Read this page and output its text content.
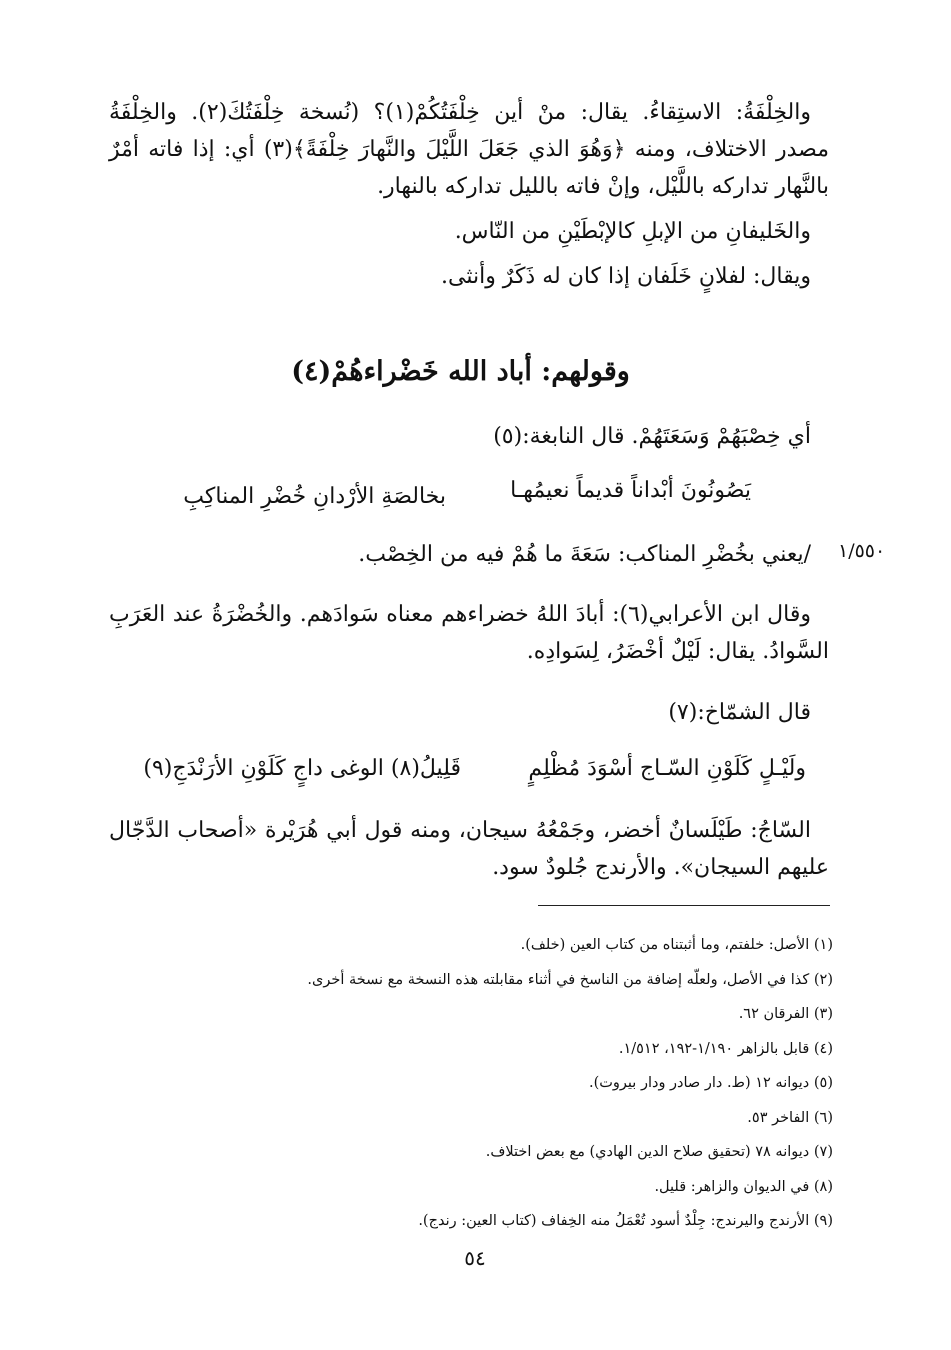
والخِلْفَةُ: الاستِقاءُ. يقال: منْ أين خِلْفَتُكُمْ(١)؟ (نُسخة خِلْفَتُكَ(٢). والخِلْفَةُ مصدر الاختلاف، ومنه ﴿وَهُوَ الذي جَعَلَ اللَّيْلَ والنَّهارَ خِلْفَةً﴾(٣) أي: إذا فاته أمْرٌ بالنَّهار تداركه باللَّيْل، وإنْ فاته بالليل تداركه بالنهار.

والخَليفانِ من الإبلِ كالإبْطَيْنِ من النّاس.

ويقال: لفلانٍ خَلَفان إذا كان له ذَكَرٌ وأنثى.

وقولهم: أباد الله خَضْراءهُمْ(٤)

أي خِصْبَهُمْ وَسَعَتَهُمْ. قال النابغة:(٥)

يَصُونُونَ أبْداناً قديماً نعيمُهـا
بخالصَةِ الأرْدانِ خُضْرِ المناكِبِ
١/٥٥٠

/يعني بخُضْرِ المناكب: سَعَةَ ما هُمْ فيه من الخِصْب.

وقال ابن الأعرابي(٦): أبادَ اللهُ خضراءهم معناه سَوادَهم. والخُضْرَةُ عند العَرَبِ السَّوادُ. يقال: لَيْلٌ أخْضَرُ، لِسَوادِه.

قال الشمّاخ:(٧)

ولَيْـلٍ كَلَوْنِ السّـاج أسْوَدَ مُظْلِمٍ
قَلِيلُ(٨) الوغى داجٍ كَلَوْنِ الأرَنْدَجِ(٩)

السّاجُ: طَيْلَسانٌ أخضر، وجَمْعُهُ سيجان، ومنه قول أبي هُرَيْرة «أصحاب الدَّجّال عليهم السيجان». والأرندج جُلودٌ سود.

(١) الأصل: خلفتم، وما أثبتناه من كتاب العين (خلف).

(٢) كذا في الأصل، ولعلّه إضافة من الناسخ في أثناء مقابلته هذه النسخة مع نسخة أخرى.

(٣) الفرقان ٦٢.

(٤) قابل بالزاهر ١/١٩٠-١٩٢، ١/٥١٢.

(٥) ديوانه ١٢ (ط. دار صادر ودار بيروت).

(٦) الفاخر ٥٣.

(٧) ديوانه ٧٨ (تحقيق صلاح الدين الهادي) مع بعض اختلاف.

(٨) في الديوان والزاهر: قليل.

(٩) الأرندج واليرندج: جِلْدٌ أسود تُعْمَلُ منه الخِفاف (كتاب العين: رندج).

٥٤
